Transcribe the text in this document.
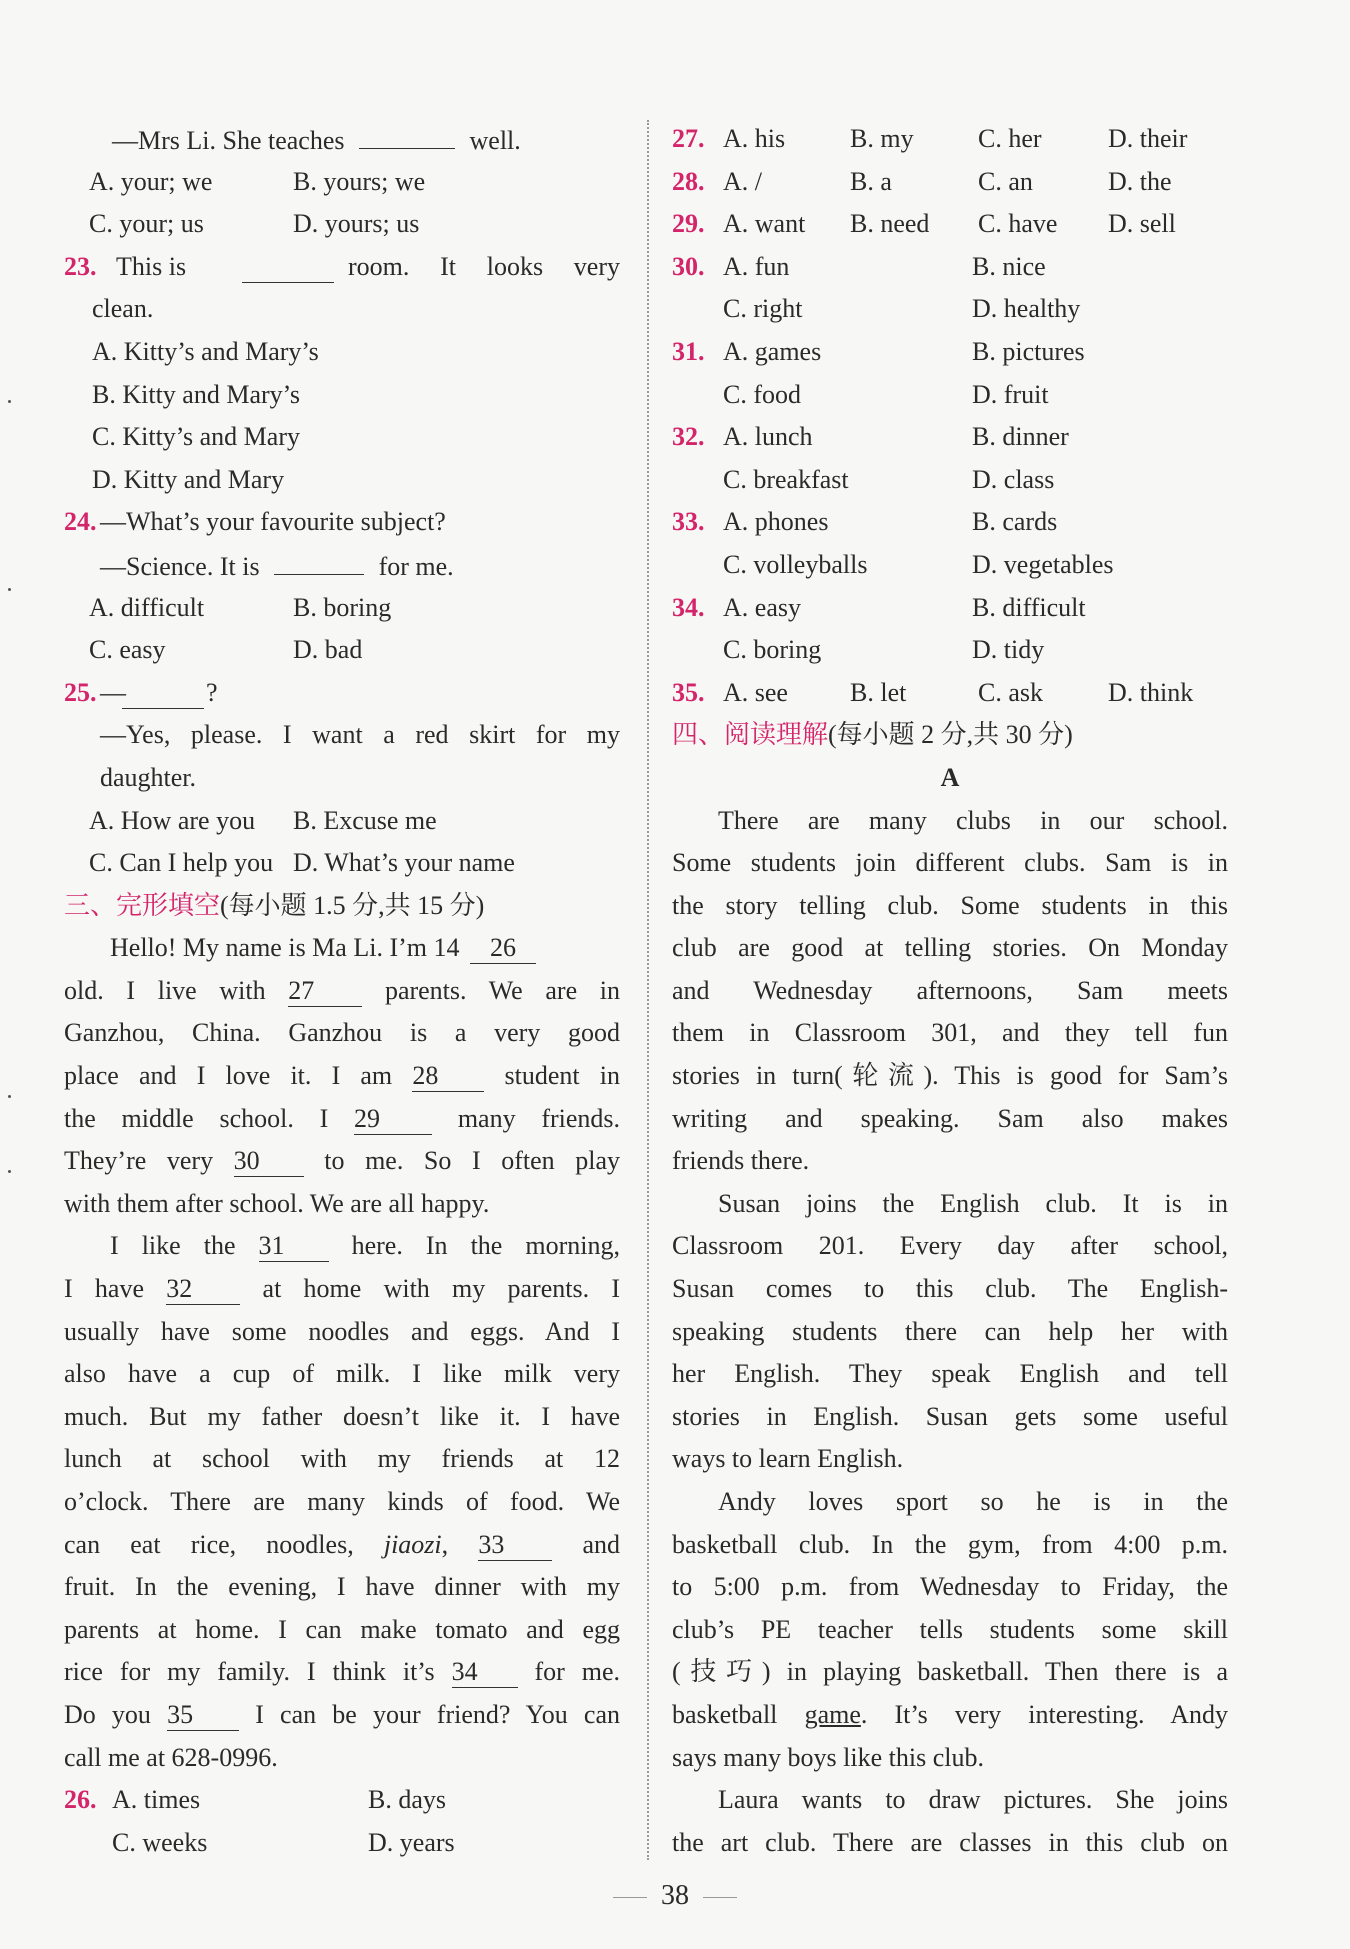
—Mrs Li. She teaches	well.
A. your; we	B. yours; we
C. your; us	D. yours; us
23. This is	room. It looks very
clean.
A. Kitty’s and Mary’s
B. Kitty and Mary’s
C. Kitty’s and Mary
D. Kitty and Mary
24. —What’s your favourite subject?
—Science. It is	for me.
A. difficult	B. boring
C. easy	D. bad
25. —	?
—Yes, please. I want a red skirt for my
daughter.
A. How are you B. Excuse me
C. Can I help you D. What’s your name
三、完形填空(每小题 1.5 分,共 15 分)
Hello! My name is Ma Li. I’m 14 26
old. I live with 27	parents. We are in
Ganzhou, China. Ganzhou is a very good
place and I love it. I am 28	student in
the middle school. I 29	many friends.
They’re very 30 to me. So I often play
with them after school. We are all happy.
I like the 31	here. In the morning,
I have 32	at home with my parents. I
usually have some noodles and eggs. And I
also have a cup of milk. I like milk very
much. But my father doesn’t like it. I have
lunch at school with my friends at 12
o’clock. There are many kinds of food. We
can eat rice, noodles, jiaozi, 33	and
fruit. In the evening, I have dinner with my
parents at home. I can make tomato and egg
rice for my family. I think it’s 34 for me.
Do you 35 I can be your friend? You can
call me at 628-0996.
26. A. times	B. days
C. weeks	D. years
27. A. his B. my C. her	D. their
28. A. /	B. a	C. an	D. the
29. A. want B. need C. have D. sell
30. A. fun	B. nice
C. right	D. healthy
31. A. games	B. pictures
C. food	D. fruit
32. A. lunch	B. dinner
C. breakfast	D. class
33. A. phones	B. cards
C. volleyballs	D. vegetables
34. A. easy	B. difficult
C. boring	D. tidy
35. A. see B. let	C. ask	D. think
四、阅读理解(每小题 2 分,共 30 分)
A
There are many clubs in our school.
Some students join different clubs. Sam is in
the story telling club. Some students in this
club are good at telling stories. On Monday
and Wednesday afternoons, Sam meets
them in Classroom 301, and they tell fun
stories in turn(轮流). This is good for Sam’s
writing and speaking. Sam also makes
friends there.
Susan joins the English club. It is in
Classroom 201. Every day after school,
Susan comes to this club. The English-
speaking students there can help her with
her English. They speak English and tell
stories in English. Susan gets some useful
ways to learn English.
Andy loves sport so he is in the
basketball club. In the gym, from 4:00 p.m.
to 5:00 p.m. from Wednesday to Friday, the
club’s PE teacher tells students some skill
(技巧) in playing basketball. Then there is a
basketball game. It’s very interesting. Andy
says many boys like this club.
Laura wants to draw pictures. She joins
the art club. There are classes in this club on
38
